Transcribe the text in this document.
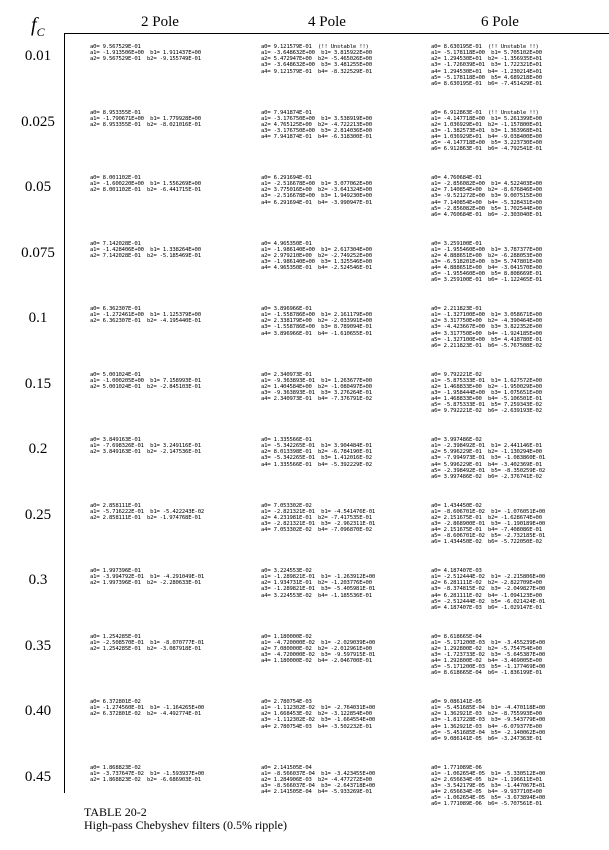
$f_C$
2 Pole	4 Pole	6 Pole
0.01
a0= 9.567529E-01
a1= -1.913506E+00  b1= 1.911437E+00
a2= 9.567529E-01  b2= -9.155749E-01
a0= 9.121579E-01  (!! Unstable !!)
a1= -3.648632E+00  b1= 3.815922E+00
a2= 5.472947E+00  b2= -5.465026E+00
a3= -3.648632E+00  b3= 3.481255E+00
a4= 9.121579E-01  b4= -8.322529E-01
a0= 8.630195E-01  (!! Unstable !!)
a1= -5.178118E+00  b1= 5.705102E+00
a2= 1.294530E+01  b2= -1.356935E+01
a3= -1.726039E+01  b3= 1.722321E+01
a4= 1.294530E+01  b4= -1.230214E+01
a5= -5.178118E+00  b5= 4.689218E+00
a6= 8.630195E-01  b6= -7.451429E-01
0.025
a0= 8.953355E-01
a1= -1.790671E+00  b1= 1.779928E+00
a2= 8.953355E-01  b2= -8.021016E-01
a0= 7.941874E-01
a1= -3.176750E+00  b1= 3.538919E+00
a2= 4.765125E+00  b2= -4.722213E+00
a3= -3.176750E+00  b3= 2.814036E+00
a4= 7.941874E-01  b4= -6.318300E-01
a0= 6.912863E-01  (!! Unstable !!)
a1= -4.147718E+00  b1= 5.261399E+00
a2= 1.036929E+01  b2= -1.157800E+01
a3= -1.382573E+01  b3= 1.363968E+01
a4= 1.036929E+01  b4= -9.038400E+00
a5= -4.147718E+00  b5= 3.223730E+00
a6= 6.912863E-01  b6= -4.792541E-01
0.05
a0= 8.001102E-01
a1= -1.600220E+00  b1= 1.556269E+00
a2= 8.001102E-01  b2= -6.441715E-01
a0= 6.291694E-01
a1= -2.516678E+00  b1= 3.077062E+00
a2= 3.775016E+00  b2= -3.641324E+00
a3= -2.516678E+00  b3= 1.949230E+00
a4= 6.291694E-01  b4= -3.990947E-01
a0= 4.760684E-01
a1= -2.856082E+00  b1= 4.522403E+00
a2= 7.140854E+00  b2= -8.676846E+00
a3= -9.521272E+00  b3= 9.007515E+00
a4= 7.140854E+00  b4= -5.328431E+00
a5= -2.856082E+00  b5= 1.702544E+00
a6= 4.760684E-01  b6= -2.303040E-01
0.075
a0= 7.142028E-01
a1= -1.428406E+00  b1= 1.338264E+00
a2= 7.142028E-01  b2= -5.185469E-01
a0= 4.965350E-01
a1= -1.986140E+00  b1= 2.617304E+00
a2= 2.979210E+00  b2= -2.749252E+00
a3= -1.986140E+00  b3= 1.325546E+00
a4= 4.965350E-01  b4= -2.524546E-01
a0= 3.259100E-01
a1= -1.955460E+00  b1= 3.787377E+00
a2= 4.888651E+00  b2= -6.288053E+00
a3= -6.518201E+00  b3= 5.747801E+00
a4= 4.888651E+00  b4= -3.041570E+00
a5= -1.955460E+00  b5= 8.808669E-01
a6= 3.259100E-01  b6= -1.122465E-01
0.1
a0= 6.362307E-01
a1= -1.272461E+00  b1= 1.125379E+00
a2= 6.362307E-01  b2= -4.195440E-01
a0= 3.896966E-01
a1= -1.558786E+00  b1= 2.161179E+00
a2= 2.338179E+00  b2= -2.033991E+00
a3= -1.558786E+00  b3= 8.789094E-01
a4= 3.896966E-01  b4= -1.610655E-01
a0= 2.211823E-01
a1= -1.327100E+00  b1= 3.058671E+00
a2= 3.317750E+00  b2= -4.390464E+00
a3= -4.423667E+00  b3= 3.822352E+00
a4= 3.317750E+00  b4= -1.924185E+00
a5= -1.327100E+00  b5= 4.418780E-01
a6= 2.211823E-01  b6= -5.767508E-02
0.15
a0= 5.001024E-01
a1= -1.000205E+00  b1= 7.158993E-01
a2= 5.001024E-01  b2= -2.845103E-01
a0= 2.340973E-01
a1= -9.363893E-01  b1= 1.263677E+00
a2= 1.404584E+00  b2= -1.080497E+00
a3= -9.363893E-01  b3= 3.276264E-01
a4= 2.340973E-01  b4= -7.376791E-02
a0= 9.792221E-02
a1= -5.875333E-01  b1= 1.627572E+00
a2= 1.468833E+00  b2= -1.950029E+00
a3= -1.958444E+00  b3= 1.075651E+00
a4= 1.468833E+00  b4= -5.106501E-01
a5= -5.875333E-01  b5= 7.259343E-02
a6= 9.792221E-02  b6= -2.639193E-02
0.2
a0= 3.849163E-01
a1= -7.698326E-01  b1= 3.249116E-01
a2= 3.849163E-01  b2= -2.147536E-01
a0= 1.335566E-01
a1= -5.342265E-01  b1= 3.904484E-01
a2= 8.013398E-01  b2= -6.784190E-01
a3= -5.342265E-01  b3= 1.412016E-02
a4= 1.335566E-01  b4= -5.392229E-02
a0= 3.997486E-02
a1= -2.398492E-01  b1= 2.441146E-01
a2= 5.996229E-01  b2= -1.130294E+00
a3= -7.994973E-01  b3= -1.083860E-01
a4= 5.996229E-01  b4= -3.402369E-01
a5= -2.398492E-01  b5= -8.350259E-02
a6= 3.997486E-02  b6= -2.376741E-02
0.25
a0= 2.858111E-01
a1= -5.716222E-01  b1= -5.422243E-02
a2= 2.858111E-01  b2= -1.974768E-01
a0= 7.053302E-02
a1= -2.821321E-01  b1= -4.541476E-01
a2= 4.231981E-01  b2= -7.417535E-01
a3= -2.821321E-01  b3= -2.962311E-01
a4= 7.053302E-02  b4= -7.096870E-02
a0= 1.434450E-02
a1= -8.606701E-02  b1= -1.076051E+00
a2= 2.151675E-01  b2= -1.628674E+00
a3= -2.868900E-01  b3= -1.190189E+00
a4= 2.151675E-01  b4= -7.408086E-01
a5= -8.606701E-02  b5= -2.732185E-01
a6= 1.434450E-02  b6= -5.722050E-02
0.3
a0= 1.997396E-01
a1= -3.994792E-01  b1= -4.291049E-01
a2= 1.997396E-01  b2= -2.280633E-01
a0= 3.224553E-02
a1= -1.289821E-01  b1= -1.263912E+00
a2= 1.934731E-01  b2= -1.203776E+00
a3= -1.289821E-01  b3= -5.405981E-01
a4= 3.224553E-02  b4= -1.185536E-01
a0= 4.187407E-03
a1= -2.512444E-02  b1= -2.215806E+00
a2= 6.281111E-02  b2= -2.822709E+00
a3= -8.374815E-02  b3= -2.049827E+00
a4= 6.281111E-02  b4= -1.094123E+00
a5= -2.512444E-02  b5= -6.021424E-01
a6= 4.187407E-03  b6= -1.029147E-01
0.35
a0= 1.254285E-01
a1= -2.508570E-01  b1= -8.070777E-01
a2= 1.254285E-01  b2= -3.087918E-01
a0= 1.180000E-02
a1= -4.720000E-02  b1= -2.029039E+00
a2= 7.080000E-02  b2= -2.012961E+00
a3= -4.720000E-02  b3= -9.597915E-01
a4= 1.180000E-02  b4= -2.046700E-01
a0= 8.618665E-04
a1= -5.171200E-03  b1= -3.455239E+00
a2= 1.292800E-02  b2= -5.754754E+00
a3= -1.723733E-02  b3= -5.645387E+00
a4= 1.292800E-02  b4= -3.469005E+00
a5= -5.171200E-03  b5= -1.177469E+00
a6= 8.618665E-04  b6= -1.836199E-01
0.40
a0= 6.372801E-02
a1= -1.274560E-01  b1= -1.164265E+00
a2= 6.372801E-02  b2= -4.492774E-01
a0= 2.780754E-03
a1= -1.112302E-02  b1= -2.764031E+00
a2= 1.668453E-02  b2= -3.122854E+00
a3= -1.112302E-02  b3= -1.664554E+00
a4= 2.780754E-03  b4= -3.502232E-01
a0= 9.086141E-05
a1= -5.451685E-04  b1= -4.470118E+00
a2= 1.362921E-03  b2= -8.755993E+00
a3= -1.817228E-03  b3= -9.543779E+00
a4= 1.362921E-03  b4= -6.079377E+00
a5= -5.451685E-04  b5= -2.140062E+00
a6= 9.086141E-05  b6= -3.247363E-01
0.45
a0= 1.868823E-02
a1= -3.737647E-02  b1= -1.593937E+00
a2= 1.868823E-02  b2= -6.686903E-01
a0= 2.141505E-04
a1= -8.566037E-04  b1= -3.423455E+00
a2= 1.284906E-03  b2= -4.477272E+00
a3= -8.566037E-04  b3= -2.643718E+00
a4= 2.141505E-04  b4= -5.933269E-01
a0= 1.771089E-06
a1= -1.062654E-05  b1= -5.330512E+00
a2= 2.656634E-05  b2= -1.196611E+01
a3= -3.542179E-05  b3= -1.447067E+01
a4= 2.656634E-05  b4= -9.937710E+00
a5= -1.062654E-05  b5= -3.673894E+00
a6= 1.771089E-06  b6= -5.707561E-01
TABLE 20-2
High-pass Chebyshev filters (0.5% ripple)
